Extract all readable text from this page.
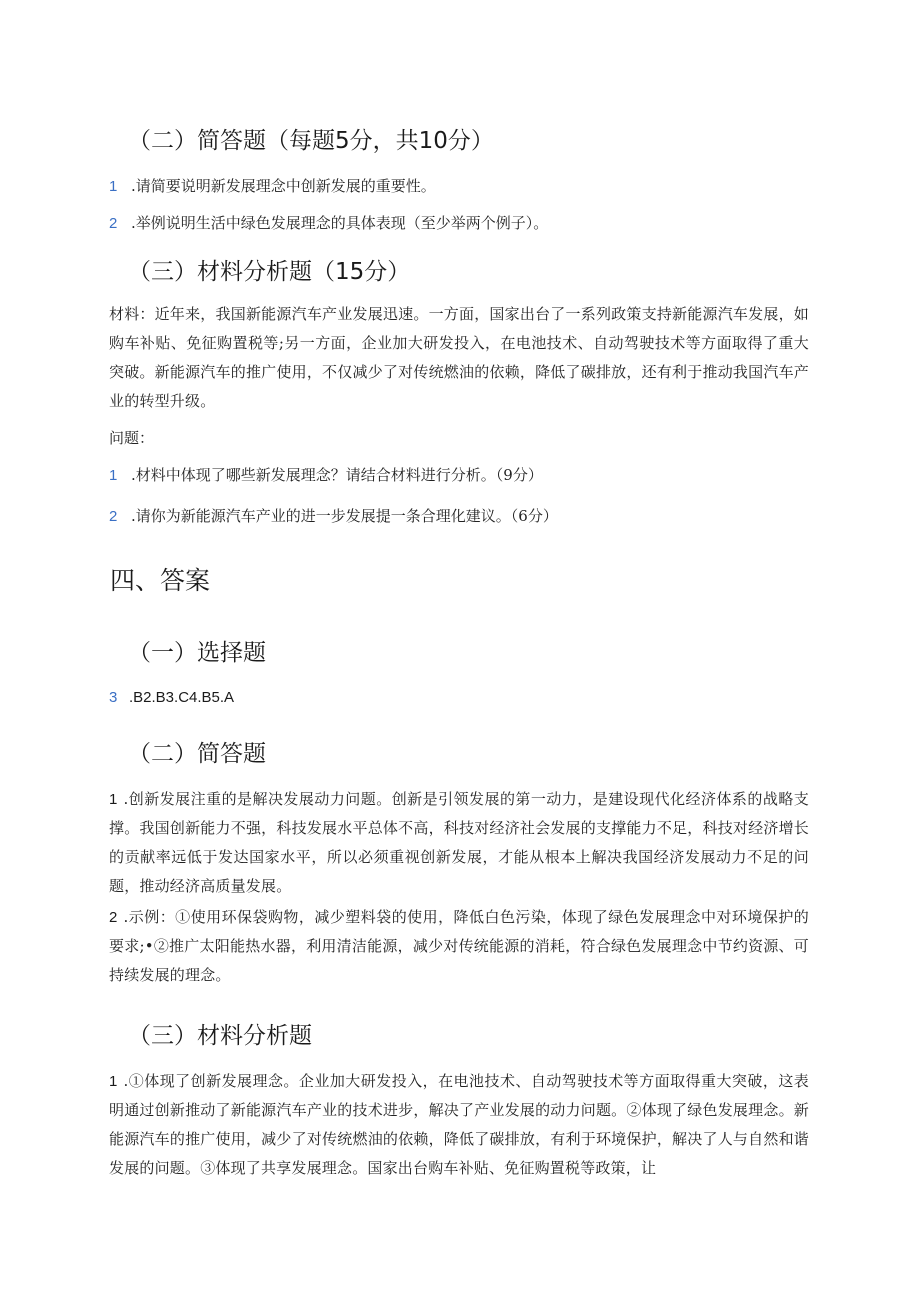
（二）简答题（每题5分，共10分）
1 .请简要说明新发展理念中创新发展的重要性。
2 .举例说明生活中绿色发展理念的具体表现（至少举两个例子）。
（三）材料分析题（15分）
材料：近年来，我国新能源汽车产业发展迅速。一方面，国家出台了一系列政策支持新能源汽车发展，如购车补贴、免征购置税等;另一方面，企业加大研发投入，在电池技术、自动驾驶技术等方面取得了重大突破。新能源汽车的推广使用，不仅减少了对传统燃油的依赖，降低了碳排放，还有利于推动我国汽车产业的转型升级。
问题：
1 .材料中体现了哪些新发展理念？请结合材料进行分析。（9分）
2 .请你为新能源汽车产业的进一步发展提一条合理化建议。（6分）
四、答案
（一）选择题
3 .B2.B3.C4.B5.A
（二）简答题
1 .创新发展注重的是解决发展动力问题。创新是引领发展的第一动力，是建设现代化经济体系的战略支撑。我国创新能力不强，科技发展水平总体不高，科技对经济社会发展的支撑能力不足，科技对经济增长的贡献率远低于发达国家水平，所以必须重视创新发展，才能从根本上解决我国经济发展动力不足的问题，推动经济高质量发展。
2 .示例：①使用环保袋购物，减少塑料袋的使用，降低白色污染，体现了绿色发展理念中对环境保护的要求;•②推广太阳能热水器，利用清洁能源，减少对传统能源的消耗，符合绿色发展理念中节约资源、可持续发展的理念。
（三）材料分析题
1 .①体现了创新发展理念。企业加大研发投入，在电池技术、自动驾驶技术等方面取得重大突破，这表明通过创新推动了新能源汽车产业的技术进步，解决了产业发展的动力问题。②体现了绿色发展理念。新能源汽车的推广使用，减少了对传统燃油的依赖，降低了碳排放，有利于环境保护，解决了人与自然和谐发展的问题。③体现了共享发展理念。国家出台购车补贴、免征购置税等政策，让
